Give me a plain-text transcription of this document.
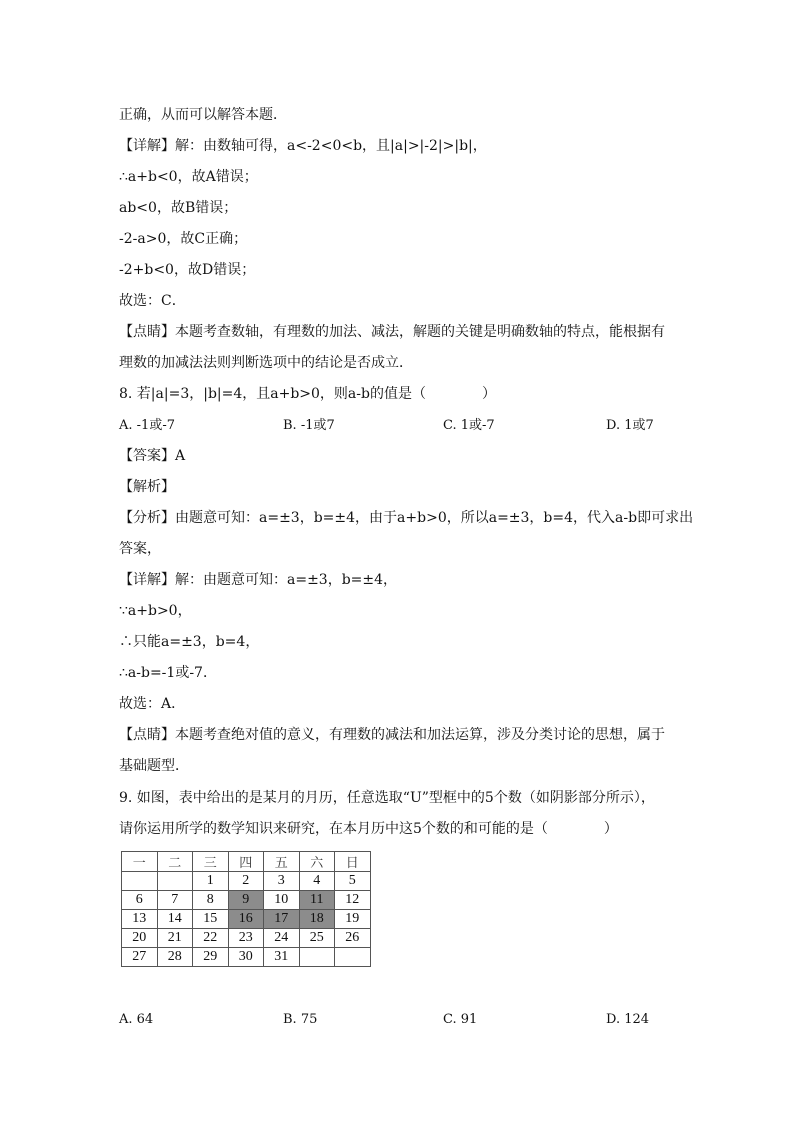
正确，从而可以解答本题．
【详解】解：由数轴可得，a<-2<0<b，且|a|>|-2|>|b|，
∴a+b<0，故A错误；
ab<0，故B错误；
-2-a>0，故C正确；
-2+b<0，故D错误；
故选：C．
【点睛】本题考查数轴，有理数的加法、减法，解题的关键是明确数轴的特点，能根据有
理数的加减法法则判断选项中的结论是否成立．
8. 若|a|=3，|b|=4，且a+b>0，则a-b的值是（　　　　）
A. -1或-7	B. -1或7	C. 1或-7	D. 1或7
【答案】A
【解析】
【分析】由题意可知：a=±3，b=±4，由于a+b>0，所以a=±3，b=4，代入a-b即可求出
答案，
【详解】解：由题意可知：a=±3，b=±4，
∵a+b>0，
∴只能a=±3，b=4，
∴a-b=-1或-7．
故选：A．
【点睛】本题考查绝对值的意义，有理数的减法和加法运算，涉及分类讨论的思想，属于
基础题型．
9. 如图，表中给出的是某月的月历，任意选取“U”型框中的5个数（如阴影部分所示），
请你运用所学的数学知识来研究，在本月历中这5个数的和可能的是（　　　　）
一	二	三	四	五	六	日
		1	2	3	4	5
6	7	8	9	10	11	12
13	14	15	16	17	18	19
20	21	22	23	24	25	26
27	28	29	30	31		
A. 64	B. 75	C. 91	D. 124
